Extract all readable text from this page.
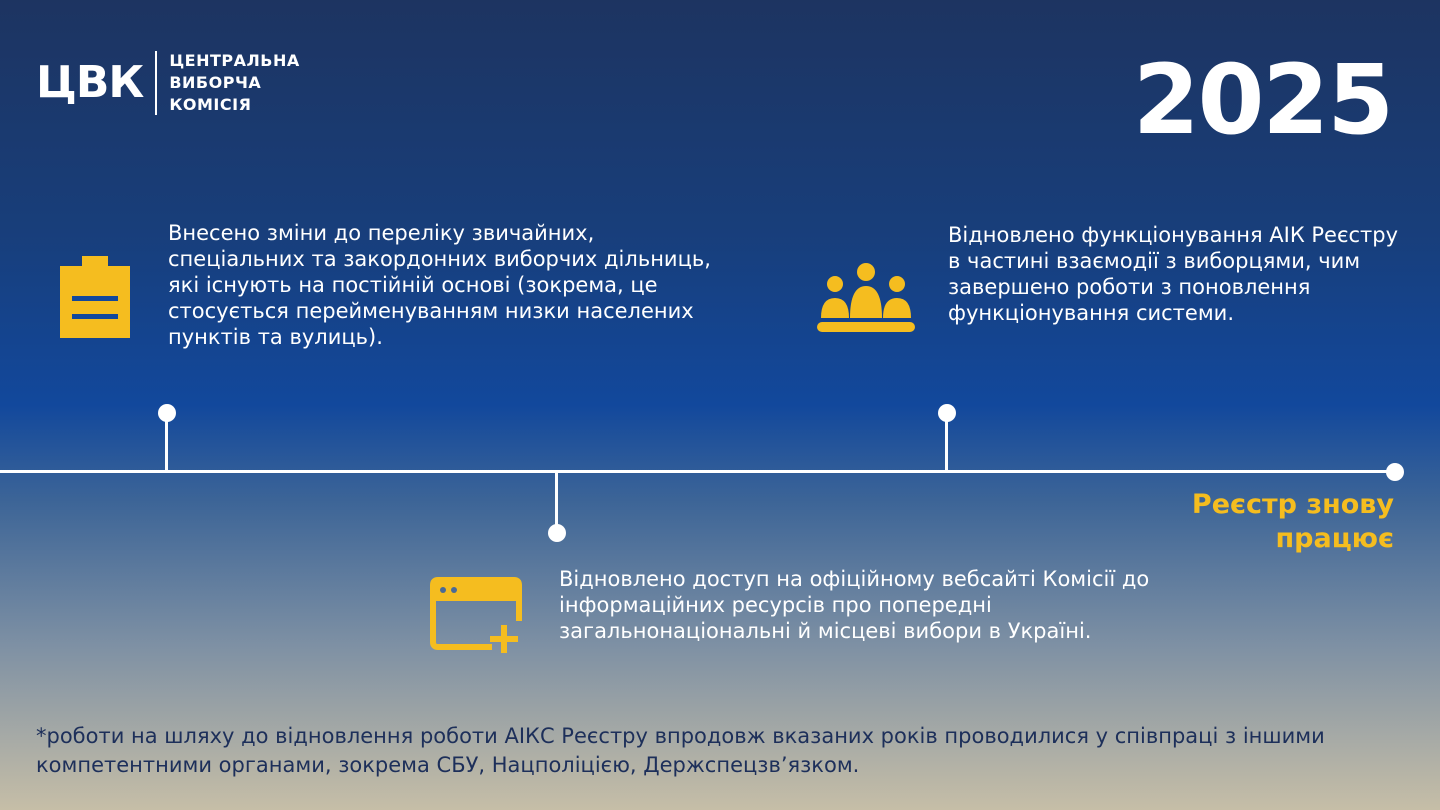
ЦВК ЦЕНТРАЛЬНА
ВИБОРЧА
КОМІСІЯ	2025
Внесено зміни до переліку звичайних, спеціальних та закордонних виборчих дільниць, які існують на постійній основі (зокрема, це стосується перейменуванням низки населених пунктів та вулиць).
Відновлено функціонування АІК Реєстру в частині взаємодії з виборцями, чим завершено роботи з поновлення функціонування системи.
Відновлено доступ на офіційному вебсайті Комісії до інформаційних ресурсів про попередні загальнонаціональні й місцеві вибори в Україні.
Реєстр знову
працює
*роботи на шляху до відновлення роботи АІКС Реєстру впродовж вказаних років проводилися у співпраці з іншими компетентними органами, зокрема СБУ, Нацполіцією, Держспецзв’язком.
